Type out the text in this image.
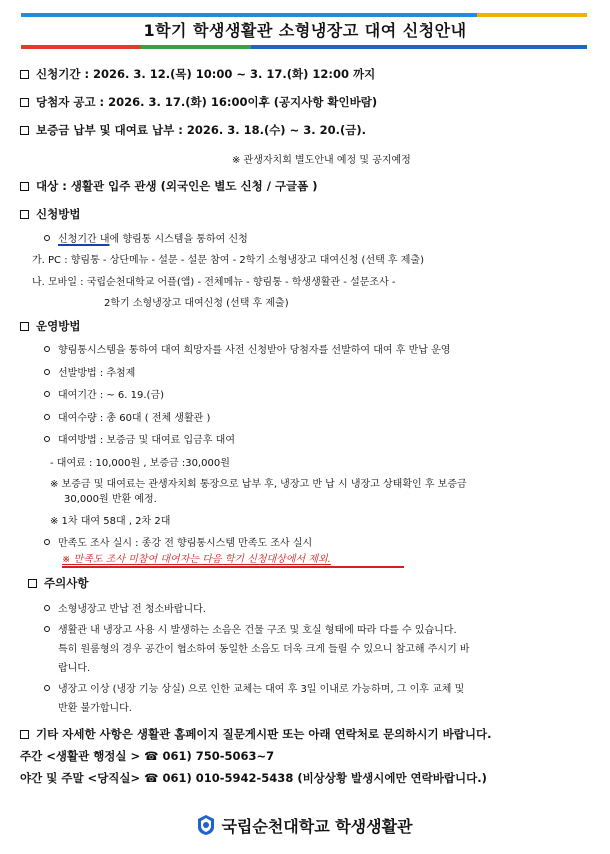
1학기 학생생활관 소형냉장고 대여 신청안내
신청기간 : 2026. 3. 12.(목) 10:00 ~ 3. 17.(화) 12:00 까지
당첨자 공고 : 2026. 3. 17.(화) 16:00이후 (공지사항 확인바람)
보증금 납부 및 대여료 납부 : 2026. 3. 18.(수) ~ 3. 20.(금).
※ 관생자치회 별도안내 예정 및 공지예정
대상 : 생활관 입주 관생 (외국인은 별도 신청 / 구글폼 )
신청방법
신청기간 내에 향림통 시스템을 통하여 신청
가. PC : 향림통 - 상단메뉴 - 설문 - 설문 참여 - 2학기 소형냉장고 대여신청 (선택 후 제출)
나. 모바일 : 국립순천대학교 어플(앱) - 전체메뉴 - 향림통 - 학생생활관 - 설문조사 -
2학기 소형냉장고 대여신청 (선택 후 제출)
운영방법
향림통시스템을 통하여 대여 희망자를 사전 신청받아 당첨자를 선발하여 대여 후 반납 운영
선발방법 : 추첨제
대여기간 : ~ 6. 19.(금)
대여수량 : 총 60대 ( 전체 생활관 )
대여방법 : 보증금 및 대여료 입금후 대여
- 대여료 : 10,000원 , 보증금 :30,000원
※ 보증금 및 대여료는 관생자치회 통장으로 납부 후, 냉장고 반 납 시 냉장고 상태확인 후 보증금
30,000원 반환 예정.
※ 1차 대여 58대 , 2차 2대
만족도 조사 실시 : 종강 전 향림통시스템 만족도 조사 실시
※ 만족도 조사 미참여 대여자는 다음 학기 신청대상에서 제외.
주의사항
소형냉장고 반납 전 청소바랍니다.
생활관 내 냉장고 사용 시 발생하는 소음은 건물 구조 및 호실 형태에 따라 다를 수 있습니다.
특히 원룸형의 경우 공간이 협소하여 동일한 소음도 더욱 크게 들릴 수 있으니 참고해 주시기 바
랍니다.
냉장고 이상 (냉장 기능 상실) 으로 인한 교체는 대여 후 3일 이내로 가능하며, 그 이후 교체 및
반환 불가합니다.
기타 자세한 사항은 생활관 홈페이지 질문게시판 또는 아래 연락처로 문의하시기 바랍니다.
주간 <생활관 행정실 > ☎ 061) 750-5063~7
야간 및 주말 <당직실> ☎ 061) 010-5942-5438 (비상상황 발생시에만 연락바랍니다.)
국립순천대학교 학생생활관
